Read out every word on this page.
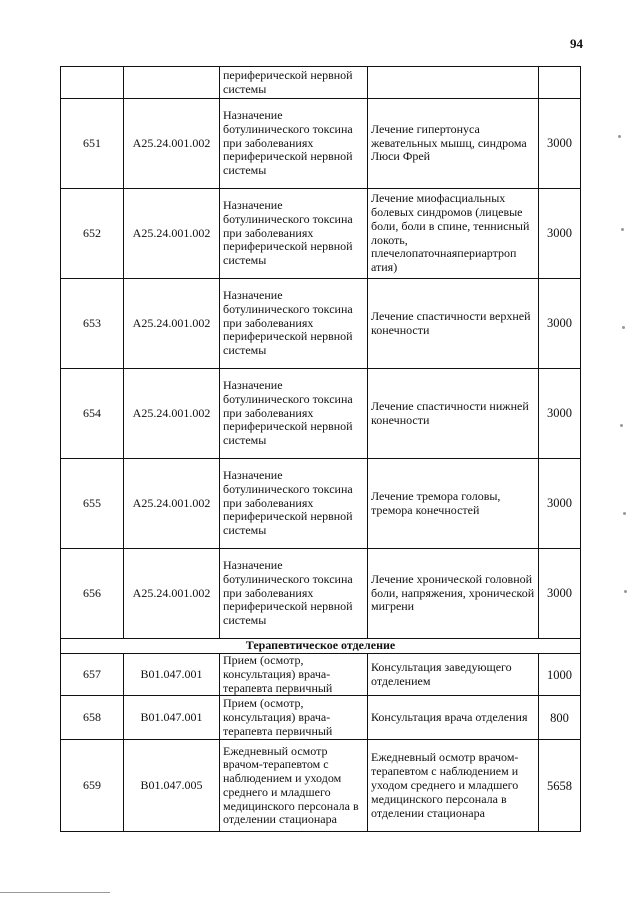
94
		периферической нервной системы		
651	A25.24.001.002	Назначение ботулинического токсина при заболеваниях периферической нервной системы	Лечение гипертонуса жевательных мышц, синдрома Люси Фрей	3000
652	A25.24.001.002	Назначение ботулинического токсина при заболеваниях периферической нервной системы	Лечение миофасциальных болевых синдромов (лицевые боли, боли в спине, теннисный локоть, плечелопаточнаяпериартроп атия)	3000
653	A25.24.001.002	Назначение ботулинического токсина при заболеваниях периферической нервной системы	Лечение спастичности верхней конечности	3000
654	A25.24.001.002	Назначение ботулинического токсина при заболеваниях периферической нервной системы	Лечение спастичности нижней конечности	3000
655	A25.24.001.002	Назначение ботулинического токсина при заболеваниях периферической нервной системы	Лечение тремора головы, тремора конечностей	3000
656	A25.24.001.002	Назначение ботулинического токсина при заболеваниях периферической нервной системы	Лечение хронической головной боли, напряжения, хронической мигрени	3000
Терапевтическое отделение				
657	B01.047.001	Прием (осмотр, консультация) врача-терапевта первичный	Консультация заведующего отделением	1000
658	B01.047.001	Прием (осмотр, консультация) врача-терапевта первичный	Консультация врача отделения	800
659	B01.047.005	Ежедневный осмотр врачом-терапевтом с наблюдением и уходом среднего и младшего медицинского персонала в отделении стационара	Ежедневный осмотр врачом-терапевтом с наблюдением и уходом среднего и младшего медицинского персонала в отделении стационара	5658
